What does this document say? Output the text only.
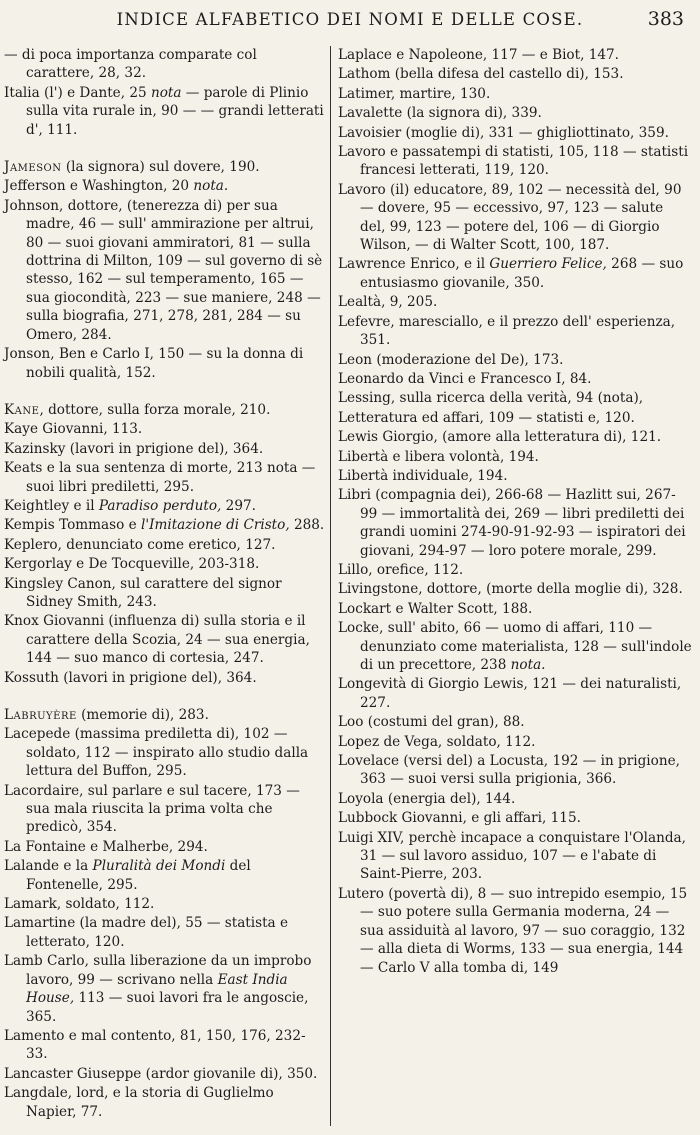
INDICE ALFABETICO DEI NOMI E DELLE COSE.	383
— di poca importanza comparate col carattere, 28, 32.
Italia (l') e Dante, 25 nota — parole di Plinio sulla vita rurale in, 90 — — grandi letterati d', 111.
Jameson (la signora) sul dovere, 190.
Jefferson e Washington, 20 nota.
Johnson, dottore, (tenerezza di) per sua madre, 46 — sull' ammirazione per altrui, 80 — suoi giovani ammiratori, 81 — sulla dottrina di Milton, 109 — sul governo di sè stesso, 162 — sul temperamento, 165 — sua giocondità, 223 — sue maniere, 248 — sulla biografia, 271, 278, 281, 284 — su Omero, 284.
Jonson, Ben e Carlo I, 150 — su la donna di nobili qualità, 152.
Kane, dottore, sulla forza morale, 210.
Kaye Giovanni, 113.
Kazinsky (lavori in prigione del), 364.
Keats e la sua sentenza di morte, 213 nota — suoi libri prediletti, 295.
Keightley e il Paradiso perduto, 297.
Kempis Tommaso e l'Imitazione di Cristo, 288.
Keplero, denunciato come eretico, 127.
Kergorlay e De Tocqueville, 203-318.
Kingsley Canon, sul carattere del signor Sidney Smith, 243.
Knox Giovanni (influenza di) sulla storia e il carattere della Scozia, 24 — sua energia, 144 — suo manco di cortesia, 247.
Kossuth (lavori in prigione del), 364.
Labruyère (memorie di), 283.
Lacepede (massima prediletta di), 102 — soldato, 112 — inspirato allo studio dalla lettura del Buffon, 295.
Lacordaire, sul parlare e sul tacere, 173 — sua mala riuscita la prima volta che predicò, 354.
La Fontaine e Malherbe, 294.
Lalande e la Pluralità dei Mondi del Fontenelle, 295.
Lamark, soldato, 112.
Lamartine (la madre del), 55 — statista e letterato, 120.
Lamb Carlo, sulla liberazione da un improbo lavoro, 99 — scrivano nella East India House, 113 — suoi lavori fra le angoscie, 365.
Lamento e mal contento, 81, 150, 176, 232-33.
Lancaster Giuseppe (ardor giovanile di), 350.
Langdale, lord, e la storia di Guglielmo Napier, 77.
Laplace e Napoleone, 117 — e Biot, 147.
Lathom (bella difesa del castello di), 153.
Latimer, martire, 130.
Lavalette (la signora di), 339.
Lavoisier (moglie di), 331 — ghigliottinato, 359.
Lavoro e passatempi di statisti, 105, 118 — statisti francesi letterati, 119, 120.
Lavoro (il) educatore, 89, 102 — necessità del, 90 — dovere, 95 — eccessivo, 97, 123 — salute del, 99, 123 — potere del, 106 — di Giorgio Wilson, — di Walter Scott, 100, 187.
Lawrence Enrico, e il Guerriero Felice, 268 — suo entusiasmo giovanile, 350.
Lealtà, 9, 205.
Lefevre, maresciallo, e il prezzo dell' esperienza, 351.
Leon (moderazione del De), 173.
Leonardo da Vinci e Francesco I, 84.
Lessing, sulla ricerca della verità, 94 (nota),
Letteratura ed affari, 109 — statisti e, 120.
Lewis Giorgio, (amore alla letteratura di), 121.
Libertà e libera volontà, 194.
Libertà individuale, 194.
Libri (compagnia dei), 266-68 — Hazlitt sui, 267-99 — immortalità dei, 269 — libri prediletti dei grandi uomini 274-90-91-92-93 — ispiratori dei giovani, 294-97 — loro potere morale, 299.
Lillo, orefice, 112.
Livingstone, dottore, (morte della moglie di), 328.
Lockart e Walter Scott, 188.
Locke, sull' abito, 66 — uomo di affari, 110 — denunziato come materialista, 128 — sull'indole di un precettore, 238 nota.
Longevità di Giorgio Lewis, 121 — dei naturalisti, 227.
Loo (costumi del gran), 88.
Lopez de Vega, soldato, 112.
Lovelace (versi del) a Locusta, 192 — in prigione, 363 — suoi versi sulla prigionia, 366.
Loyola (energia del), 144.
Lubbock Giovanni, e gli affari, 115.
Luigi XIV, perchè incapace a conquistare l'Olanda, 31 — sul lavoro assiduo, 107 — e l'abate di Saint-Pierre, 203.
Lutero (povertà di), 8 — suo intrepido esempio, 15 — suo potere sulla Germania moderna, 24 — sua assiduità al lavoro, 97 — suo coraggio, 132 — alla dieta di Worms, 133 — sua energia, 144 — Carlo V alla tomba di, 149
